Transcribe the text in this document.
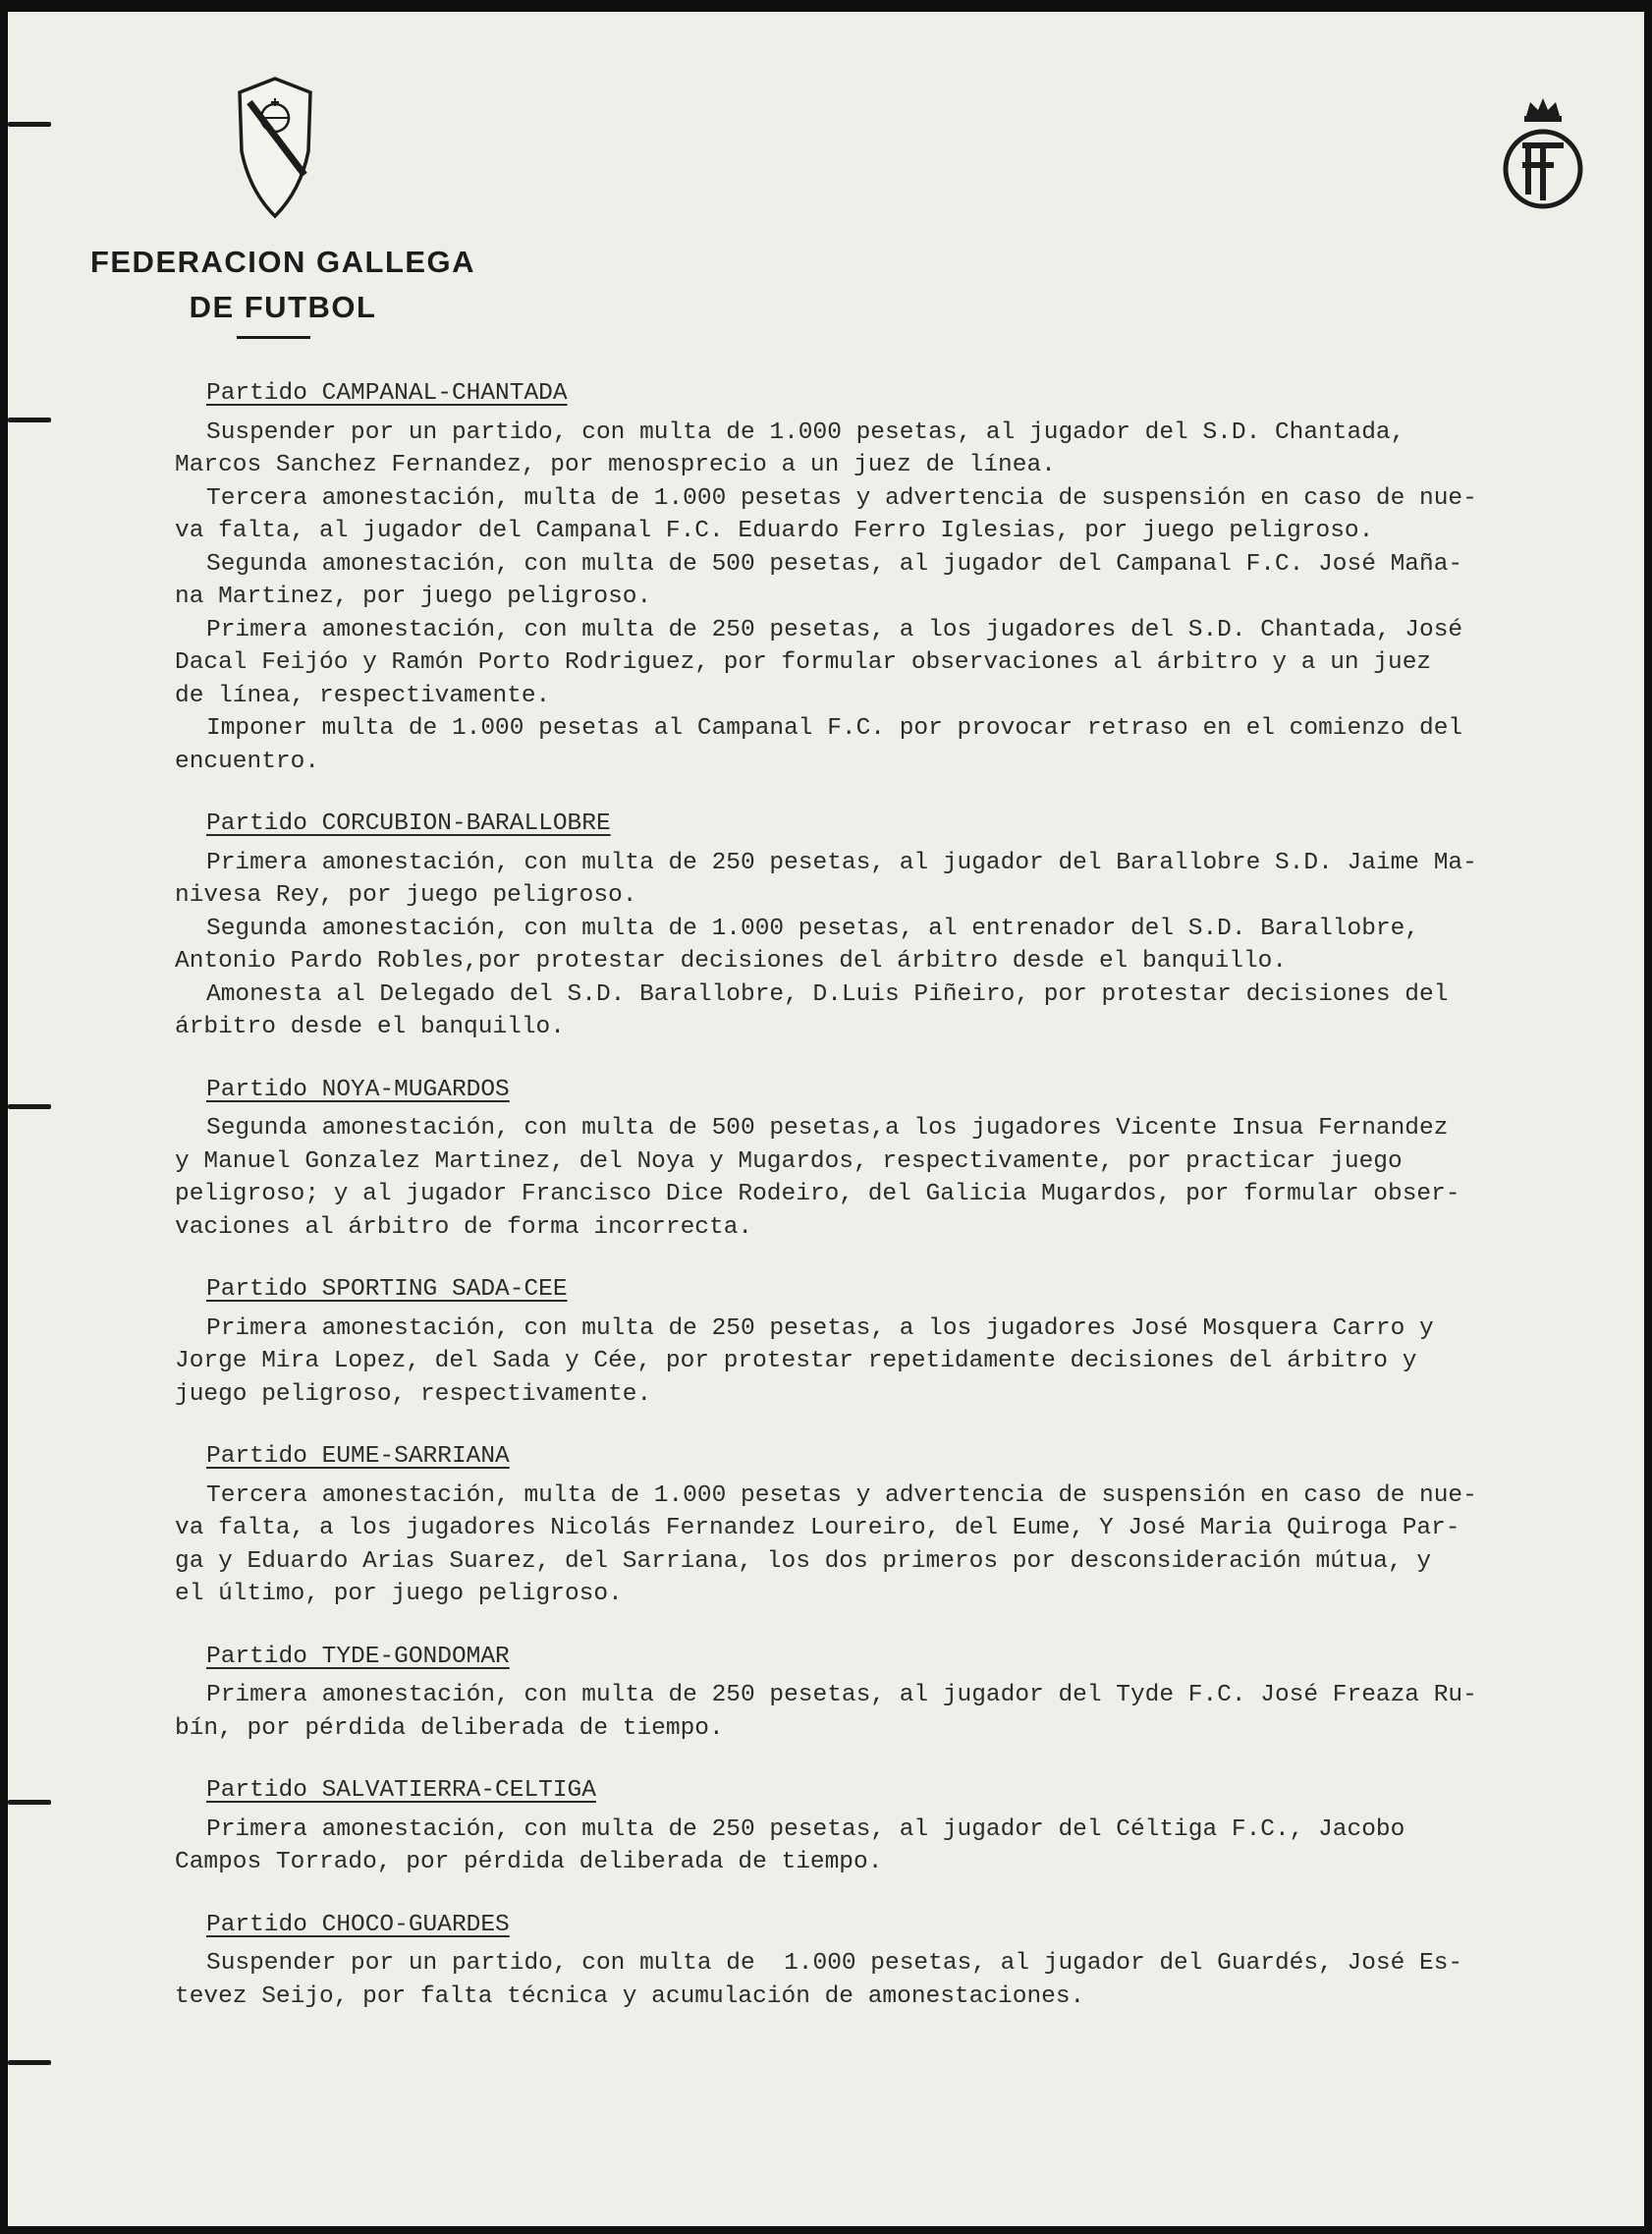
FEDERACION GALLEGA
DE FUTBOL
Partido CAMPANAL-CHANTADA
Suspender por un partido, con multa de 1.000 pesetas, al jugador del S.D. Chantada,
Marcos Sanchez Fernandez, por menosprecio a un juez de línea.
Tercera amonestación, multa de 1.000 pesetas y advertencia de suspensión en caso de nue-
va falta, al jugador del Campanal F.C. Eduardo Ferro Iglesias, por juego peligroso.
Segunda amonestación, con multa de 500 pesetas, al jugador del Campanal F.C. José Maña-
na Martinez, por juego peligroso.
Primera amonestación, con multa de 250 pesetas, a los jugadores del S.D. Chantada, José
Dacal Feijóo y Ramón Porto Rodriguez, por formular observaciones al árbitro y a un juez
de línea, respectivamente.
Imponer multa de 1.000 pesetas al Campanal F.C. por provocar retraso en el comienzo del
encuentro.
Partido CORCUBION-BARALLOBRE
Primera amonestación, con multa de 250 pesetas, al jugador del Barallobre S.D. Jaime Ma-
nivesa Rey, por juego peligroso.
Segunda amonestación, con multa de 1.000 pesetas, al entrenador del S.D. Barallobre,
Antonio Pardo Robles,por protestar decisiones del árbitro desde el banquillo.
Amonesta al Delegado del S.D. Barallobre, D.Luis Piñeiro, por protestar decisiones del
árbitro desde el banquillo.
Partido NOYA-MUGARDOS
Segunda amonestación, con multa de 500 pesetas,a los jugadores Vicente Insua Fernandez
y Manuel Gonzalez Martinez, del Noya y Mugardos, respectivamente, por practicar juego
peligroso; y al jugador Francisco Dice Rodeiro, del Galicia Mugardos, por formular obser-
vaciones al árbitro de forma incorrecta.
Partido SPORTING SADA-CEE
Primera amonestación, con multa de 250 pesetas, a los jugadores José Mosquera Carro y
Jorge Mira Lopez, del Sada y Cée, por protestar repetidamente decisiones del árbitro y
juego peligroso, respectivamente.
Partido EUME-SARRIANA
Tercera amonestación, multa de 1.000 pesetas y advertencia de suspensión en caso de nue-
va falta, a los jugadores Nicolás Fernandez Loureiro, del Eume, Y José Maria Quiroga Par-
ga y Eduardo Arias Suarez, del Sarriana, los dos primeros por desconsideración mútua, y
el último, por juego peligroso.
Partido TYDE-GONDOMAR
Primera amonestación, con multa de 250 pesetas, al jugador del Tyde F.C. José Freaza Ru-
bín, por pérdida deliberada de tiempo.
Partido SALVATIERRA-CELTIGA
Primera amonestación, con multa de 250 pesetas, al jugador del Céltiga F.C., Jacobo
Campos Torrado, por pérdida deliberada de tiempo.
Partido CHOCO-GUARDES
Suspender por un partido, con multa de  1.000 pesetas, al jugador del Guardés, José Es-
tevez Seijo, por falta técnica y acumulación de amonestaciones.
